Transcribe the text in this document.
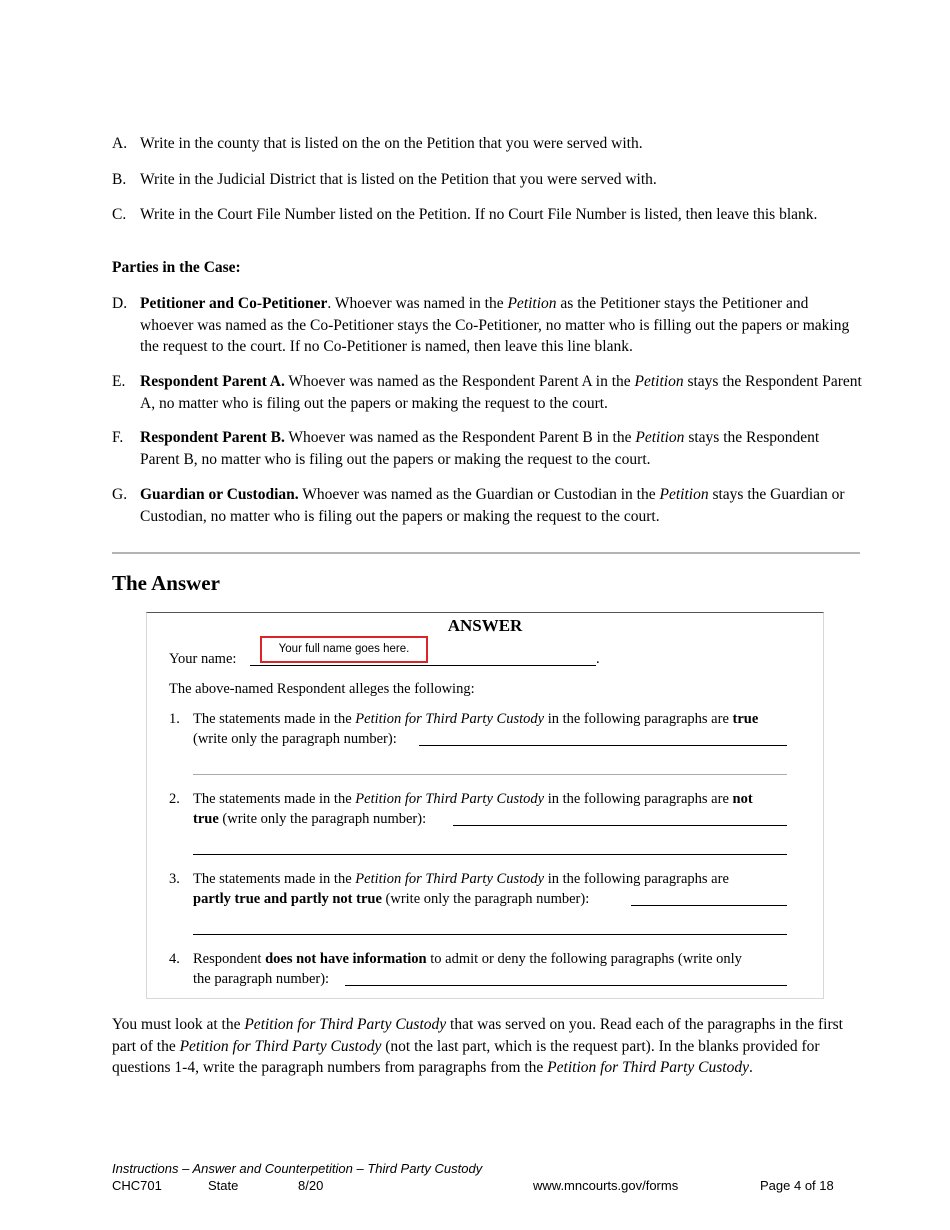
A. Write in the county that is listed on the on the Petition that you were served with.
B. Write in the Judicial District that is listed on the Petition that you were served with.
C. Write in the Court File Number listed on the Petition. If no Court File Number is listed, then leave this blank.
Parties in the Case:
D. Petitioner and Co-Petitioner. Whoever was named in the Petition as the Petitioner stays the Petitioner and whoever was named as the Co-Petitioner stays the Co-Petitioner, no matter who is filling out the papers or making the request to the court. If no Co-Petitioner is named, then leave this line blank.
E. Respondent Parent A. Whoever was named as the Respondent Parent A in the Petition stays the Respondent Parent A, no matter who is filing out the papers or making the request to the court.
F.	Respondent Parent B. Whoever was named as the Respondent Parent B in the Petition stays the Respondent Parent B, no matter who is filing out the papers or making the request to the court.
G. Guardian or Custodian. Whoever was named as the Guardian or Custodian in the Petition stays the Guardian or Custodian, no matter who is filing out the papers or making the request to the court.
The Answer
ANSWER
Your name:	.
Your full name goes here.
The above-named Respondent alleges the following:
1. The statements made in the Petition for Third Party Custody in the following paragraphs are true
(write only the paragraph number):
2. The statements made in the Petition for Third Party Custody in the following paragraphs are not
true (write only the paragraph number):
3. The statements made in the Petition for Third Party Custody in the following paragraphs are
partly true and partly not true (write only the paragraph number):
4. Respondent does not have information to admit or deny the following paragraphs (write only
the paragraph number):
You must look at the Petition for Third Party Custody that was served on you. Read each of the paragraphs in the first part of the Petition for Third Party Custody (not the last part, which is the request part). In the blanks provided for questions 1-4, write the paragraph numbers from paragraphs from the Petition for Third Party Custody.
Instructions – Answer and Counterpetition – Third Party Custody
CHC701	State	8/20	www.mncourts.gov/forms	Page 4 of 18
